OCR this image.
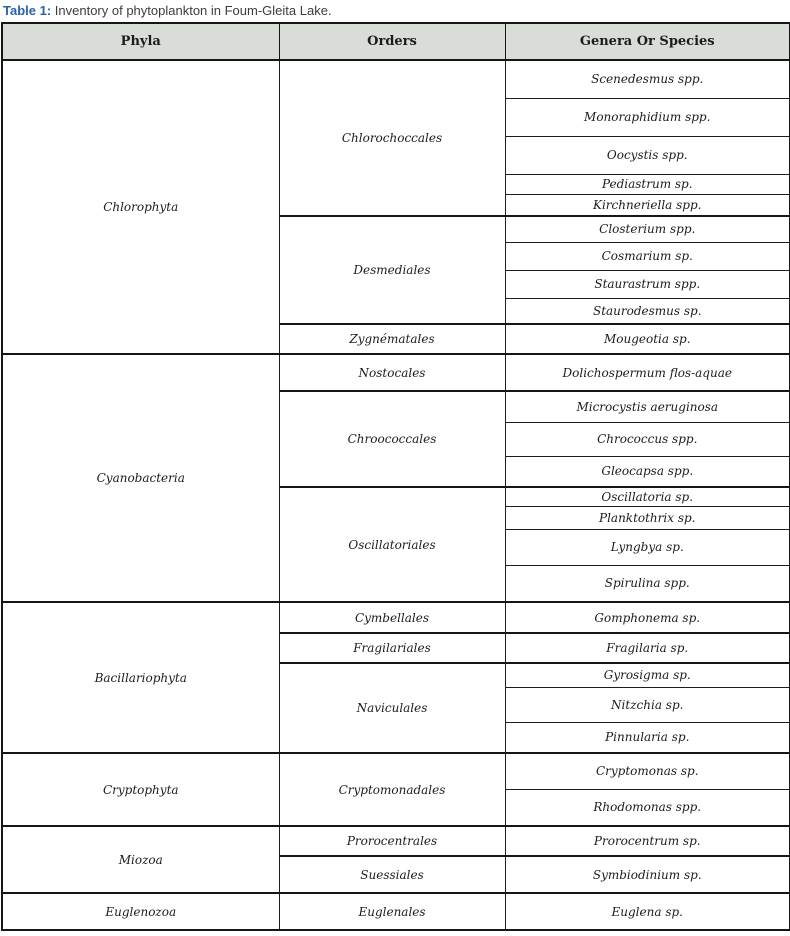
Table 1: Inventory of phytoplankton in Foum-Gleita Lake.
Phyla	Orders	Genera Or Species
Chlorophyta	Chlorochoccales	Scenedesmus spp.
		Monoraphidium spp.
		Oocystis spp.
		Pediastrum sp.
		Kirchneriella spp.
	Desmediales	Closterium spp.
		Cosmarium sp.
		Staurastrum spp.
		Staurodesmus sp.
	Zygnématales	Mougeotia sp.
Cyanobacteria	Nostocales	Dolichospermum flos-aquae
	Chroococcales	Microcystis aeruginosa
		Chrococcus spp.
		Gleocapsa spp.
	Oscillatoriales	Oscillatoria sp.
		Planktothrix sp.
		Lyngbya sp.
		Spirulina spp.
Bacillariophyta	Cymbellales	Gomphonema sp.
	Fragilariales	Fragilaria sp.
	Naviculales	Gyrosigma sp.
		Nitzchia sp.
		Pinnularia sp.
Cryptophyta	Cryptomonadales	Cryptomonas sp.
		Rhodomonas spp.
Miozoa	Prorocentrales	Prorocentrum sp.
	Suessiales	Symbiodinium sp.
Euglenozoa	Euglenales	Euglena sp.
